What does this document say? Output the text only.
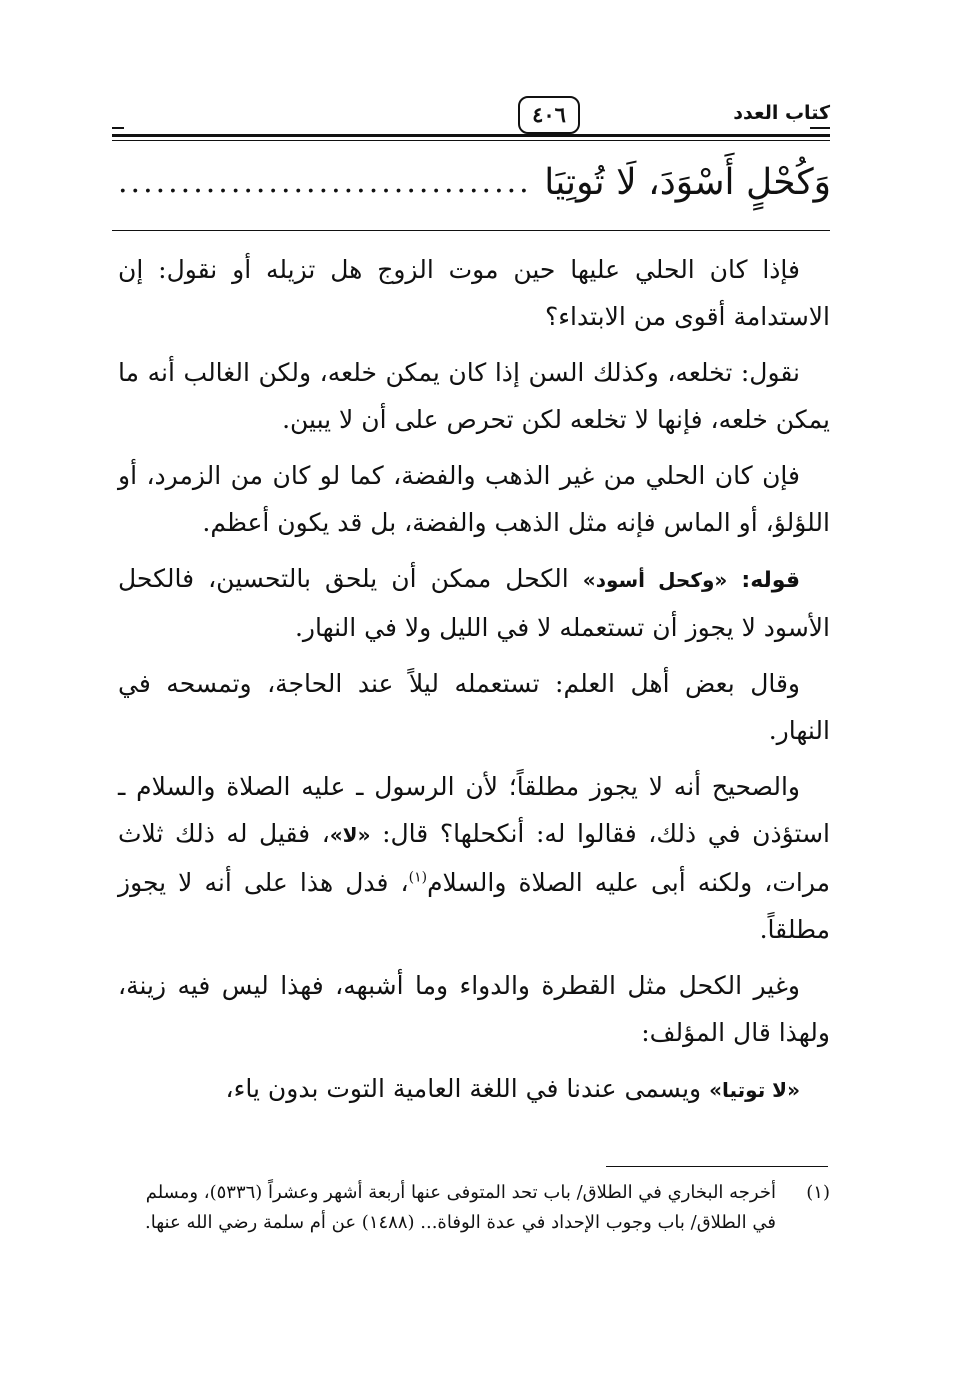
كتاب العدد
٤٠٦
وَكُحْلٍ أَسْوَدَ، لَا تُوتِيَا
.................................

فإذا كان الحلي عليها حين موت الزوج هل تزيله أو نقول: إن الاستدامة أقوى من الابتداء؟

نقول: تخلعه، وكذلك السن إذا كان يمكن خلعه، ولكن الغالب أنه ما يمكن خلعه، فإنها لا تخلعه لكن تحرص على أن لا يبين.

فإن كان الحلي من غير الذهب والفضة، كما لو كان من الزمرد، أو اللؤلؤ، أو الماس فإنه مثل الذهب والفضة، بل قد يكون أعظم.

قوله: «وكحل أسود» الكحل ممكن أن يلحق بالتحسين، فالكحل الأسود لا يجوز أن تستعمله لا في الليل ولا في النهار.

وقال بعض أهل العلم: تستعمله ليلاً عند الحاجة، وتمسحه في النهار.

والصحيح أنه لا يجوز مطلقاً؛ لأن الرسول ـ عليه الصلاة والسلام ـ استؤذن في ذلك، فقالوا له: أنكحلها؟ قال: «لا»، فقيل له ذلك ثلاث مرات، ولكنه أبى عليه الصلاة والسلام$^{(١)}$، فدل هذا على أنه لا يجوز مطلقاً.

وغير الكحل مثل القطرة والدواء وما أشبهه، فهذا ليس فيه زينة، ولهذا قال المؤلف:

«لا توتيا» ويسمى عندنا في اللغة العامية التوت بدون ياء،

(١)
أخرجه البخاري في الطلاق/ باب تحد المتوفى عنها أربعة أشهر وعشراً (٥٣٣٦)، ومسلم في الطلاق/ باب وجوب الإحداد في عدة الوفاة... (١٤٨٨) عن أم سلمة رضي الله عنها.
